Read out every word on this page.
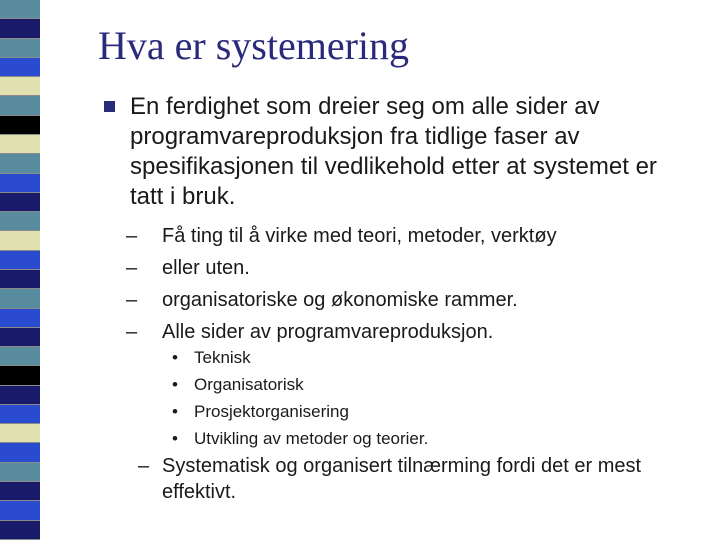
Hva er systemering
En ferdighet som dreier seg om alle sider av programvareproduksjon fra tidlige faser av spesifikasjonen til vedlikehold etter at systemet er tatt i bruk.
– Få ting til å virke med teori, metoder, verktøy
– eller uten.
– organisatoriske og økonomiske rammer.
– Alle sider av programvareproduksjon.
• Teknisk
• Organisatorisk
• Prosjektorganisering
• Utvikling av metoder og teorier.
– Systematisk og organisert tilnærming fordi det er mest effektivt.
